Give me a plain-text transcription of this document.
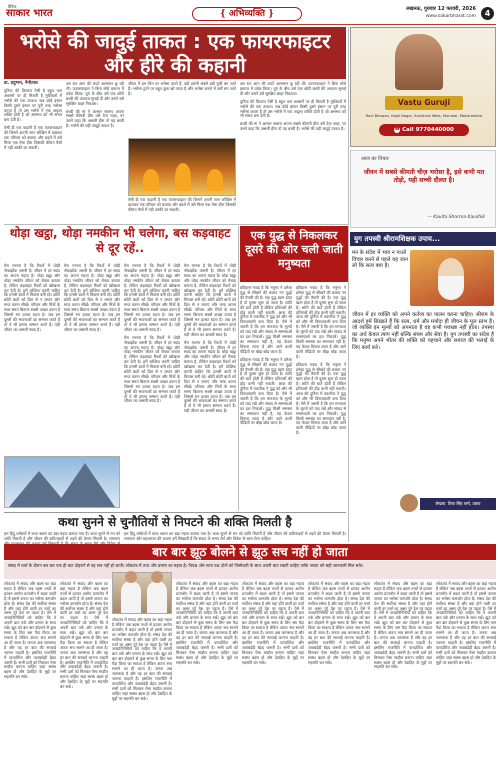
दैनिक
साकार भारत	{ अभिव्यक्ति }	लखनऊ, गुरुवार 12 फरवरी, 2026
www.sakarbharat.com	4
भरोसे की जादुई ताकत : एक फायरफाइटर और हीरे की कहानी
डा. प्रदुम्नन, नैनीताल

दुनिया की फ़ितरत ऐसी है बहुत कम अवसरों पर ही मिलती है मुश्किलों में भरोसे की एक ताकत। जब कोई इंसान किसी दूसरे इंसान पर पूरी तरह भरोसा करता है तो उस भरोसे में एक अदृश्य शक्ति होती है जो असंभव को भी संभव बना देती है।

ऐसी ही एक कहानी है एक फायरफाइटर की जिसने अपनी जान जोखिम में डालकर एक परिवार को बचाया और बदले में उसे मिला एक ऐसा हीरा जिसकी कीमत पैसों में नहीं आंकी जा सकती।

उस रात आग की लपटें आसमान छू रही थीं। फायरफाइटर ने बिना सोचे इमारत में प्रवेश किया। धुएं के बीच उसे एक छोटी बच्ची की आवाज सुनाई दी और उसने उसे सुरक्षित बाहर निकाला।

बच्ची की मां ने आभार स्वरूप अपना सबसे कीमती हीरा उसे देना चाहा, पर उसने कहा कि असली हीरा तो यह बच्ची है। भरोसे की यही जादुई ताकत है।

जीवन में हम जिन पर भरोसा करते हैं, वही हमारी सबसे बड़ी पूंजी बन जाते हैं। भरोसा टूटने पर बहुत कुछ खो जाता है और भरोसा बनाने में वर्षों लग जाते हैं।

ऐसी ही एक कहानी है एक फायरफाइटर की जिसने अपनी जान जोखिम में डालकर एक परिवार को बचाया और बदले में उसे मिला एक ऐसा हीरा जिसकी कीमत पैसों में नहीं आंकी जा सकती।

उस रात आग की लपटें आसमान छू रही थीं। फायरफाइटर ने बिना सोचे इमारत में प्रवेश किया। धुएं के बीच उसे एक छोटी बच्ची की आवाज सुनाई दी और उसने उसे सुरक्षित बाहर निकाला।

दुनिया की फ़ितरत ऐसी है बहुत कम अवसरों पर ही मिलती है मुश्किलों में भरोसे की एक ताकत। जब कोई इंसान किसी दूसरे इंसान पर पूरी तरह भरोसा करता है तो उस भरोसे में एक अदृश्य शक्ति होती है जो असंभव को भी संभव बना देती है।

बच्ची की मां ने आभार स्वरूप अपना सबसे कीमती हीरा उसे देना चाहा, पर उसने कहा कि असली हीरा तो यह बच्ची है। भरोसे की यही जादुई ताकत है।

Vastu Guruji
Ravi Bhawan, Kapil Nagar, Kandivali West, Mumbai, Maharashtra
☎ Call 9770440000
आज का विचार
जीवन में सबसे कीमती चीज़ भरोसा है, इसे कभी मत तोड़ो, यही सच्ची दौलत है।
— Kavita Sharma Kaushik
थोड़ा खट्ठा, थोड़ा नमकीन भी चलेगा, बस कड़वाहट से दूर रहें..

मेरा मानना है कि रिश्तों में थोड़ी नोकझोंक जरूरी है। जीवन में हर स्वाद का अपना महत्व है। थोड़ा खट्ठा और थोड़ा नमकीन जीवन को रोचक बनाता है, लेकिन कड़वाहट रिश्तों को खोखला कर देती है। हमें कोशिश करनी चाहिए कि हमारी बातों में मिठास बनी रहे। छोटी छोटी बातों को दिल से न लगाएं और माफ करना सीखें। परिवार और मित्रों के साथ समय बिताना सबसे अच्छा उपाय है जिससे मन हल्का रहता है। जब हम दूसरों की भावनाओं का सम्मान करते हैं तो वे भी हमारा सम्मान करते हैं। यही जीवन का असली स्वाद है।

मेरा मानना है कि रिश्तों में थोड़ी नोकझोंक जरूरी है। जीवन में हर स्वाद का अपना महत्व है। थोड़ा खट्ठा और थोड़ा नमकीन जीवन को रोचक बनाता है, लेकिन कड़वाहट रिश्तों को खोखला कर देती है। हमें कोशिश करनी चाहिए कि हमारी बातों में मिठास बनी रहे। छोटी छोटी बातों को दिल से न लगाएं और माफ करना सीखें। परिवार और मित्रों के साथ समय बिताना सबसे अच्छा उपाय है जिससे मन हल्का रहता है। जब हम दूसरों की भावनाओं का सम्मान करते हैं तो वे भी हमारा सम्मान करते हैं। यही जीवन का असली स्वाद है।

मेरा मानना है कि रिश्तों में थोड़ी नोकझोंक जरूरी है। जीवन में हर स्वाद का अपना महत्व है। थोड़ा खट्ठा और थोड़ा नमकीन जीवन को रोचक बनाता है, लेकिन कड़वाहट रिश्तों को खोखला कर देती है। हमें कोशिश करनी चाहिए कि हमारी बातों में मिठास बनी रहे। छोटी छोटी बातों को दिल से न लगाएं और माफ करना सीखें। परिवार और मित्रों के साथ समय बिताना सबसे अच्छा उपाय है जिससे मन हल्का रहता है। जब हम दूसरों की भावनाओं का सम्मान करते हैं तो वे भी हमारा सम्मान करते हैं। यही जीवन का असली स्वाद है।

मेरा मानना है कि रिश्तों में थोड़ी नोकझोंक जरूरी है। जीवन में हर स्वाद का अपना महत्व है। थोड़ा खट्ठा और थोड़ा नमकीन जीवन को रोचक बनाता है, लेकिन कड़वाहट रिश्तों को खोखला कर देती है। हमें कोशिश करनी चाहिए कि हमारी बातों में मिठास बनी रहे। छोटी छोटी बातों को दिल से न लगाएं और माफ करना सीखें। परिवार और मित्रों के साथ समय बिताना सबसे अच्छा उपाय है जिससे मन हल्का रहता है। जब हम दूसरों की भावनाओं का सम्मान करते हैं तो वे भी हमारा सम्मान करते हैं। यही जीवन का असली स्वाद है।

मेरा मानना है कि रिश्तों में थोड़ी नोकझोंक जरूरी है। जीवन में हर स्वाद का अपना महत्व है। थोड़ा खट्ठा और थोड़ा नमकीन जीवन को रोचक बनाता है, लेकिन कड़वाहट रिश्तों को खोखला कर देती है। हमें कोशिश करनी चाहिए कि हमारी बातों में मिठास बनी रहे। छोटी छोटी बातों को दिल से न लगाएं और माफ करना सीखें। परिवार और मित्रों के साथ समय बिताना सबसे अच्छा उपाय है जिससे मन हल्का रहता है। जब हम दूसरों की भावनाओं का सम्मान करते हैं तो वे भी हमारा सम्मान करते हैं। यही जीवन का असली स्वाद है।

मेरा मानना है कि रिश्तों में थोड़ी नोकझोंक जरूरी है। जीवन में हर स्वाद का अपना महत्व है। थोड़ा खट्ठा और थोड़ा नमकीन जीवन को रोचक बनाता है, लेकिन कड़वाहट रिश्तों को खोखला कर देती है। हमें कोशिश करनी चाहिए कि हमारी बातों में मिठास बनी रहे। छोटी छोटी बातों को दिल से न लगाएं और माफ करना सीखें। परिवार और मित्रों के साथ समय बिताना सबसे अच्छा उपाय है जिससे मन हल्का रहता है। जब हम दूसरों की भावनाओं का सम्मान करते हैं तो वे भी हमारा सम्मान करते हैं। यही जीवन का असली स्वाद है।

एक युद्ध से निकलकर दूसरे की ओर चली जाती मनुष्यता

इतिहास गवाह है कि मनुष्य ने हमेशा युद्ध से सीखने की बजाय नए युद्धों की तैयारी की है। एक युद्ध खत्म होता है तो दूसरा शुरू हो जाता है। शांति की बातें होती हैं लेकिन हथियारों की होड़ कभी नहीं रुकती। आज की दुनिया में तकनीक ने युद्ध को और भी विनाशकारी बना दिया है। ऐसे में जरूरी है कि हम मानवता के मूल्यों को याद रखें और संवाद से समस्याओं का हल निकालें। युद्ध किसी समस्या का समाधान नहीं है, यह केवल विनाश लाता है और आने वाली पीढ़ियों पर बोझ छोड़ जाता है।

इतिहास गवाह है कि मनुष्य ने हमेशा युद्ध से सीखने की बजाय नए युद्धों की तैयारी की है। एक युद्ध खत्म होता है तो दूसरा शुरू हो जाता है। शांति की बातें होती हैं लेकिन हथियारों की होड़ कभी नहीं रुकती। आज की दुनिया में तकनीक ने युद्ध को और भी विनाशकारी बना दिया है। ऐसे में जरूरी है कि हम मानवता के मूल्यों को याद रखें और संवाद से समस्याओं का हल निकालें। युद्ध किसी समस्या का समाधान नहीं है, यह केवल विनाश लाता है और आने वाली पीढ़ियों पर बोझ छोड़ जाता है।

इतिहास गवाह है कि मनुष्य ने हमेशा युद्ध से सीखने की बजाय नए युद्धों की तैयारी की है। एक युद्ध खत्म होता है तो दूसरा शुरू हो जाता है। शांति की बातें होती हैं लेकिन हथियारों की होड़ कभी नहीं रुकती। आज की दुनिया में तकनीक ने युद्ध को और भी विनाशकारी बना दिया है। ऐसे में जरूरी है कि हम मानवता के मूल्यों को याद रखें और संवाद से समस्याओं का हल निकालें। युद्ध किसी समस्या का समाधान नहीं है, यह केवल विनाश लाता है और आने वाली पीढ़ियों पर बोझ छोड़ जाता है।

इतिहास गवाह है कि मनुष्य ने हमेशा युद्ध से सीखने की बजाय नए युद्धों की तैयारी की है। एक युद्ध खत्म होता है तो दूसरा शुरू हो जाता है। शांति की बातें होती हैं लेकिन हथियारों की होड़ कभी नहीं रुकती। आज की दुनिया में तकनीक ने युद्ध को और भी विनाशकारी बना दिया है। ऐसे में जरूरी है कि हम मानवता के मूल्यों को याद रखें और संवाद से समस्याओं का हल निकालें। युद्ध किसी समस्या का समाधान नहीं है, यह केवल विनाश लाता है और आने वाली पीढ़ियों पर बोझ छोड़ जाता है।

युग तपस्वी श्रीरामशिक्षक उपाय...
मन के संदेश में भाव न पाओ विचार करने से पहले यह जान लो कि सत्य क्या है।
जीवन में हर व्यक्ति को अपने कर्तव्य का पालन करना चाहिए। श्रीराम के आदर्श हमें सिखाते हैं कि सत्य, धर्म और मर्यादा ही जीवन के मूल स्तंभ हैं। जो व्यक्ति इन मूल्यों को अपनाता है वह कभी पथभ्रष्ट नहीं होता। तपस्या का अर्थ केवल त्याग नहीं बल्कि संयम और सेवा है। युग तपस्वी का संदेश है कि मनुष्य अपने भीतर की शक्ति को पहचाने और समाज की भलाई के लिए कार्य करे।
लेखक: शिवा सिंह वर्मा, उन्नाव
कथा सुनने से चुनौतियों से निपटने की शक्ति मिलती है

हम हिंदू धर्मग्रंथों में कथा श्रवण का बड़ा महत्व बताया गया है। कथा सुनने से मन को शांति मिलती है और जीवन की कठिनाइयों से लड़ने की प्रेरणा मिलती है। रामायण और महाभारत की कथाएं हमें सिखाती हैं कि संकट के समय धैर्य और विवेक से काम लेना चाहिए।

हम हिंदू धर्मग्रंथों में कथा श्रवण का बड़ा महत्व बताया गया है। कथा सुनने से मन को शांति मिलती है और जीवन की कठिनाइयों से लड़ने की प्रेरणा मिलती है। रामायण

बार बार झूठ बोलने से झूठ सच नहीं हो जाता
संसद में चर्चा के दौरान बार बार एक ही बात दोहराने से वह सच नहीं हो जाती। लोकतंत्र में तथ्य और प्रमाण का महत्व है। विपक्ष और सत्ता पक्ष दोनों को जिम्मेदारी के साथ अपनी बात रखनी चाहिए ताकि जनता को सही जानकारी मिल सके।

लोकतंत्र में संवाद और बहस का बड़ा महत्व है लेकिन जब बहस तथ्यों से हटकर आरोप प्रत्यारोप में बदल जाती है तो इससे जनता का भरोसा कमजोर होता है। संसद देश की सर्वोच्च संस्था है और वहां होने वाली हर चर्चा का असर पूरे देश पर पड़ता है। ऐसे में जनप्रतिनिधियों को चाहिए कि वे अपनी बात तर्क और प्रमाण के साथ रखें। झूठ को बार बार दोहराने से कुछ समय के लिए भ्रम पैदा किया जा सकता है लेकिन अंततः सच सामने आ ही जाता है। जनता अब जागरूक है और वह हर बात की सच्चाई जानना चाहती है। इसलिए राजनीति में पारदर्शिता और जवाबदेही बेहद जरूरी है। सभी दलों को मिलकर ऐसा माहौल बनाना चाहिए जहां स्वस्थ बहस हो और देशहित के मुद्दों पर सहमति बन सके।

लोकतंत्र में संवाद और बहस का बड़ा महत्व है लेकिन जब बहस तथ्यों से हटकर आरोप प्रत्यारोप में बदल जाती है तो इससे जनता का भरोसा कमजोर होता है। संसद देश की सर्वोच्च संस्था है और वहां होने वाली हर चर्चा का असर पूरे देश पर पड़ता है। ऐसे में जनप्रतिनिधियों को चाहिए कि वे अपनी बात तर्क और प्रमाण के साथ रखें। झूठ को बार बार दोहराने से कुछ समय के लिए भ्रम पैदा किया जा सकता है लेकिन अंततः सच सामने आ ही जाता है। जनता अब जागरूक है और वह हर बात की सच्चाई जानना चाहती है। इसलिए राजनीति में पारदर्शिता और जवाबदेही बेहद जरूरी है। सभी दलों को मिलकर ऐसा माहौल बनाना चाहिए जहां स्वस्थ बहस हो और देशहित के मुद्दों पर सहमति बन सके।

लोकतंत्र में संवाद और बहस का बड़ा महत्व है लेकिन जब बहस तथ्यों से हटकर आरोप प्रत्यारोप में बदल जाती है तो इससे जनता का भरोसा कमजोर होता है। संसद देश की सर्वोच्च संस्था है और वहां होने वाली हर चर्चा का असर पूरे देश पर पड़ता है। ऐसे में जनप्रतिनिधियों को चाहिए कि वे अपनी बात तर्क और प्रमाण के साथ रखें। झूठ को बार बार दोहराने से कुछ समय के लिए भ्रम पैदा किया जा सकता है लेकिन अंततः सच सामने आ ही जाता है। जनता अब जागरूक है और वह हर बात की सच्चाई जानना चाहती है। इसलिए राजनीति में पारदर्शिता और जवाबदेही बेहद जरूरी है। सभी दलों को मिलकर ऐसा माहौल बनाना चाहिए जहां स्वस्थ बहस हो और देशहित के मुद्दों पर सहमति बन सके।

लोकतंत्र में संवाद और बहस का बड़ा महत्व है लेकिन जब बहस तथ्यों से हटकर आरोप प्रत्यारोप में बदल जाती है तो इससे जनता का भरोसा कमजोर होता है। संसद देश की सर्वोच्च संस्था है और वहां होने वाली हर चर्चा का असर पूरे देश पर पड़ता है। ऐसे में जनप्रतिनिधियों को चाहिए कि वे अपनी बात तर्क और प्रमाण के साथ रखें। झूठ को बार बार दोहराने से कुछ समय के लिए भ्रम पैदा किया जा सकता है लेकिन अंततः सच सामने आ ही जाता है। जनता अब जागरूक है और वह हर बात की सच्चाई जानना चाहती है। इसलिए राजनीति में पारदर्शिता और जवाबदेही बेहद जरूरी है। सभी दलों को मिलकर ऐसा माहौल बनाना चाहिए जहां स्वस्थ बहस हो और देशहित के मुद्दों पर सहमति बन सके।

लोकतंत्र में संवाद और बहस का बड़ा महत्व है लेकिन जब बहस तथ्यों से हटकर आरोप प्रत्यारोप में बदल जाती है तो इससे जनता का भरोसा कमजोर होता है। संसद देश की सर्वोच्च संस्था है और वहां होने वाली हर चर्चा का असर पूरे देश पर पड़ता है। ऐसे में जनप्रतिनिधियों को चाहिए कि वे अपनी बात तर्क और प्रमाण के साथ रखें। झूठ को बार बार दोहराने से कुछ समय के लिए भ्रम पैदा किया जा सकता है लेकिन अंततः सच सामने आ ही जाता है। जनता अब जागरूक है और वह हर बात की सच्चाई जानना चाहती है। इसलिए राजनीति में पारदर्शिता और जवाबदेही बेहद जरूरी है। सभी दलों को मिलकर ऐसा माहौल बनाना चाहिए जहां स्वस्थ बहस हो और देशहित के मुद्दों पर सहमति बन सके।

लोकतंत्र में संवाद और बहस का बड़ा महत्व है लेकिन जब बहस तथ्यों से हटकर आरोप प्रत्यारोप में बदल जाती है तो इससे जनता का भरोसा कमजोर होता है। संसद देश की सर्वोच्च संस्था है और वहां होने वाली हर चर्चा का असर पूरे देश पर पड़ता है। ऐसे में जनप्रतिनिधियों को चाहिए कि वे अपनी बात तर्क और प्रमाण के साथ रखें। झूठ को बार बार दोहराने से कुछ समय के लिए भ्रम पैदा किया जा सकता है लेकिन अंततः सच सामने आ ही जाता है। जनता अब जागरूक है और वह हर बात की सच्चाई जानना चाहती है। इसलिए राजनीति में पारदर्शिता और जवाबदेही बेहद जरूरी है। सभी दलों को मिलकर ऐसा माहौल बनाना चाहिए जहां स्वस्थ बहस हो और देशहित के मुद्दों पर सहमति बन सके।

लोकतंत्र में संवाद और बहस का बड़ा महत्व है लेकिन जब बहस तथ्यों से हटकर आरोप प्रत्यारोप में बदल जाती है तो इससे जनता का भरोसा कमजोर होता है। संसद देश की सर्वोच्च संस्था है और वहां होने वाली हर चर्चा का असर पूरे देश पर पड़ता है। ऐसे में जनप्रतिनिधियों को चाहिए कि वे अपनी बात तर्क और प्रमाण के साथ रखें। झूठ को बार बार दोहराने से कुछ समय के लिए भ्रम पैदा किया जा सकता है लेकिन अंततः सच सामने आ ही जाता है। जनता अब जागरूक है और वह हर बात की सच्चाई जानना चाहती है। इसलिए राजनीति में पारदर्शिता और जवाबदेही बेहद जरूरी है। सभी दलों को मिलकर ऐसा माहौल बनाना चाहिए जहां स्वस्थ बहस हो और देशहित के मुद्दों पर सहमति बन सके।

लोकतंत्र में संवाद और बहस का बड़ा महत्व है लेकिन जब बहस तथ्यों से हटकर आरोप प्रत्यारोप में बदल जाती है तो इससे जनता का भरोसा कमजोर होता है। संसद देश की सर्वोच्च संस्था है और वहां होने वाली हर चर्चा का असर पूरे देश पर पड़ता है। ऐसे में जनप्रतिनिधियों को चाहिए कि वे अपनी बात तर्क और प्रमाण के साथ रखें। झूठ को बार बार दोहराने से कुछ समय के लिए भ्रम पैदा किया जा सकता है लेकिन अंततः सच सामने आ ही जाता है। जनता अब जागरूक है और वह हर बात की सच्चाई जानना चाहती है। इसलिए राजनीति में पारदर्शिता और जवाबदेही बेहद जरूरी है। सभी दलों को मिलकर ऐसा माहौल बनाना चाहिए जहां स्वस्थ बहस हो और देशहित के मुद्दों पर सहमति बन सके।
